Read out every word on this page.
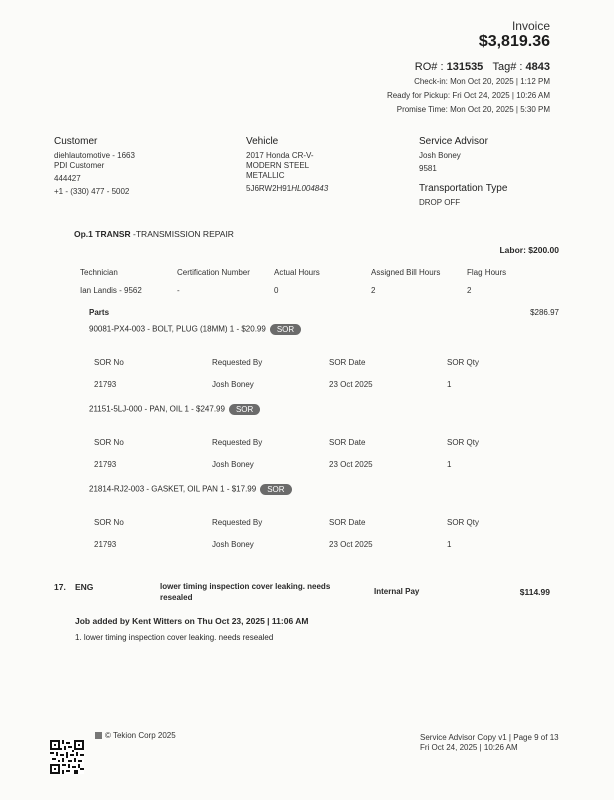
Invoice
$3,819.36
RO# : 131535 Tag# : 4843
Check-in: Mon Oct 20, 2025 | 1:12 PM
Ready for Pickup: Fri Oct 24, 2025 | 10:26 AM
Promise Time: Mon Oct 20, 2025 | 5:30 PM
Customer
diehlautomotive - 1663
PDI Customer
444427
+1 - (330) 477 - 5002
Vehicle
2017 Honda CR-V-
MODERN STEEL
METALLIC
5J6RW2H91HL004843
Service Advisor
Josh Boney
9581
Transportation Type
DROP OFF
Op.1 TRANSR -TRANSMISSION REPAIR
Labor: $200.00
Technician	Certification Number	Actual Hours	Assigned Bill Hours	Flag Hours
Ian Landis - 9562	-	0	2	2
Parts	$286.97
90081-PX4-003 - BOLT, PLUG (18MM) 1 - $20.99 SOR
SOR No	Requested By	SOR Date	SOR Qty
21793	Josh Boney	23 Oct 2025	1
21151-5LJ-000 - PAN, OIL 1 - $247.99 SOR
SOR No	Requested By	SOR Date	SOR Qty
21793	Josh Boney	23 Oct 2025	1
21814-RJ2-003 - GASKET, OIL PAN 1 - $17.99 SOR
SOR No	Requested By	SOR Date	SOR Qty
21793	Josh Boney	23 Oct 2025	1
17. ENG	lower timing inspection cover leaking. needs
resealed
Internal Pay	$114.99
Job added by Kent Witters on Thu Oct 23, 2025 | 11:06 AM
1. lower timing inspection cover leaking. needs resealed
© Tekion Corp 2025	Service Advisor Copy v1 | Page 9 of 13
Fri Oct 24, 2025 | 10:26 AM
